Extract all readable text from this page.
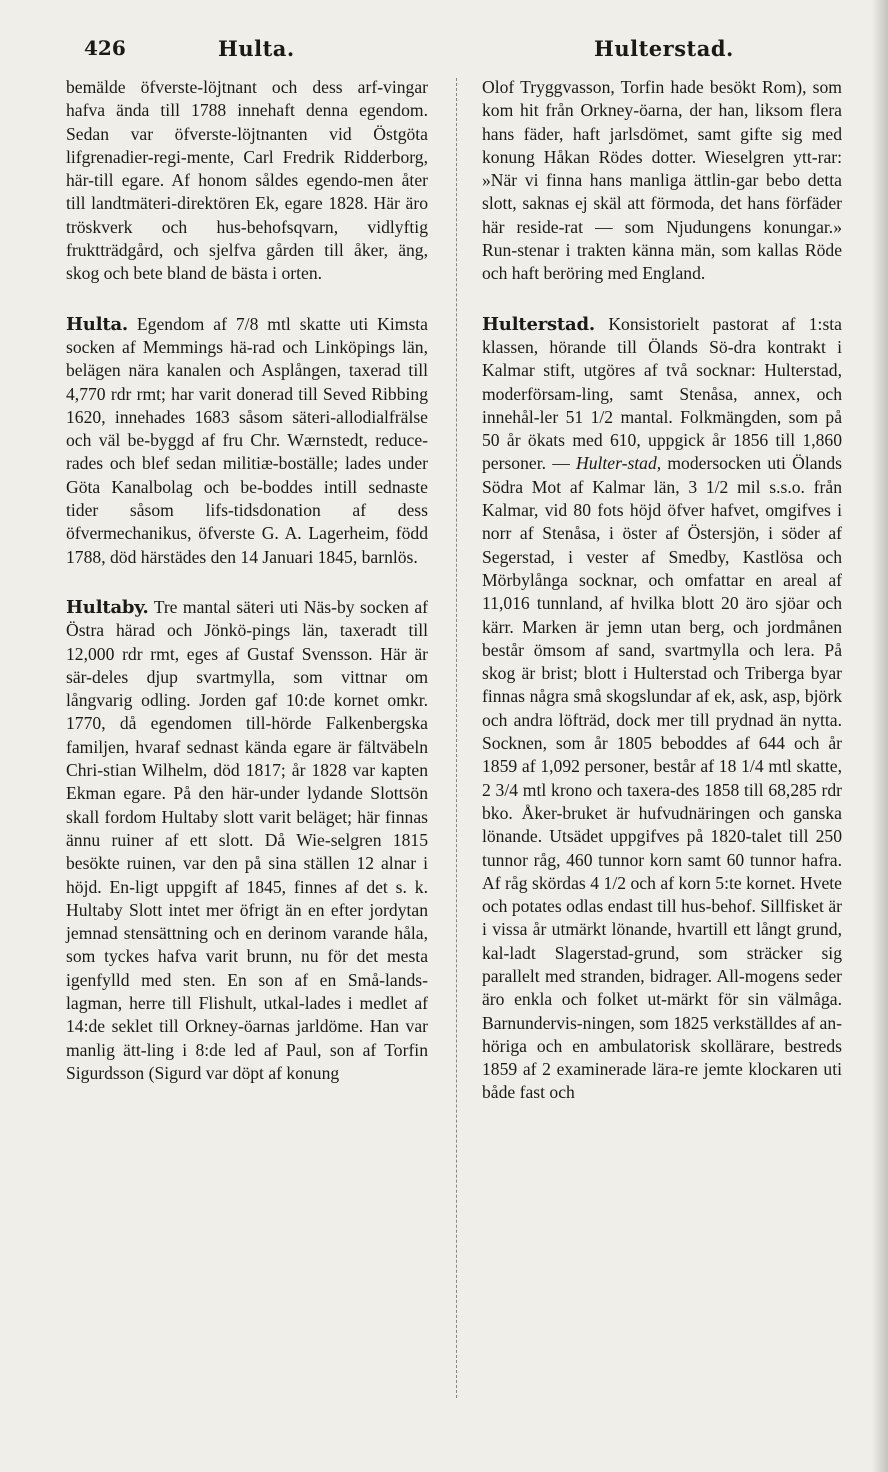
426	Hulta.	Hulterstad.

bemälde öfverste-löjtnant och dess arf-vingar hafva ända till 1788 innehaft denna egendom. Sedan var öfverste-löjtnanten vid Östgöta lifgrenadier-regi-mente, Carl Fredrik Ridderborg, här-till egare. Af honom såldes egendo-men åter till landtmäteri-direktören Ek, egare 1828. Här äro tröskverk och hus-behofsqvarn, vidlyftig fruktträdgård, och sjelfva gården till åker, äng, skog och bete bland de bästa i orten.

Hulta. Egendom af 7/8 mtl skatte uti Kimsta socken af Memmings hä-rad och Linköpings län, belägen nära kanalen och Asplången, taxerad till 4,770 rdr rmt; har varit donerad till Seved Ribbing 1620, innehades 1683 såsom säteri-allodialfrälse och väl be-byggd af fru Chr. Wærnstedt, reduce-rades och blef sedan militiæ-boställe; lades under Göta Kanalbolag och be-boddes intill sednaste tider såsom lifs-tidsdonation af dess öfvermechanikus, öfverste G. A. Lagerheim, född 1788, död härstädes den 14 Januari 1845, barnlös.

Hultaby. Tre mantal säteri uti Näs-by socken af Östra härad och Jönkö-pings län, taxeradt till 12,000 rdr rmt, eges af Gustaf Svensson. Här är sär-deles djup svartmylla, som vittnar om långvarig odling. Jorden gaf 10:de kornet omkr. 1770, då egendomen till-hörde Falkenbergska familjen, hvaraf sednast kända egare är fältväbeln Chri-stian Wilhelm, död 1817; år 1828 var kapten Ekman egare. På den här-under lydande Slottsön skall fordom Hultaby slott varit beläget; här finnas ännu ruiner af ett slott. Då Wie-selgren 1815 besökte ruinen, var den på sina ställen 12 alnar i höjd. En-ligt uppgift af 1845, finnes af det s. k. Hultaby Slott intet mer öfrigt än en efter jordytan jemnad stensättning och en derinom varande håla, som tyckes hafva varit brunn, nu för det mesta igenfylld med sten. En son af en Små-lands-lagman, herre till Flishult, utkal-lades i medlet af 14:de seklet till Orkney-öarnas jarldöme. Han var manlig ätt-ling i 8:de led af Paul, son af Torfin Sigurdsson (Sigurd var döpt af konung

Olof Tryggvasson, Torfin hade besökt Rom), som kom hit från Orkney-öarna, der han, liksom flera hans fäder, haft jarlsdömet, samt gifte sig med konung Håkan Rödes dotter. Wieselgren ytt-rar: »När vi finna hans manliga ättlin-gar bebo detta slott, saknas ej skäl att förmoda, det hans förfäder här reside-rat — som Njudungens konungar.» Run-stenar i trakten känna män, som kallas Röde och haft beröring med England.

Hulterstad. Konsistorielt pastorat af 1:sta klassen, hörande till Ölands Sö-dra kontrakt i Kalmar stift, utgöres af två socknar: Hulterstad, moderförsam-ling, samt Stenåsa, annex, och innehål-ler 51 1/2 mantal. Folkmängden, som på 50 år ökats med 610, uppgick år 1856 till 1,860 personer. — Hulter-stad, modersocken uti Ölands Södra Mot af Kalmar län, 3 1/2 mil s.s.o. från Kalmar, vid 80 fots höjd öfver hafvet, omgifves i norr af Stenåsa, i öster af Östersjön, i söder af Segerstad, i vester af Smedby, Kastlösa och Mörbylånga socknar, och omfattar en areal af 11,016 tunnland, af hvilka blott 20 äro sjöar och kärr. Marken är jemn utan berg, och jordmånen består ömsom af sand, svartmylla och lera. På skog är brist; blott i Hulterstad och Triberga byar finnas några små skogslundar af ek, ask, asp, björk och andra löfträd, dock mer till prydnad än nytta. Socknen, som år 1805 beboddes af 644 och år 1859 af 1,092 personer, består af 18 1/4 mtl skatte, 2 3/4 mtl krono och taxera-des 1858 till 68,285 rdr bko. Åker-bruket är hufvudnäringen och ganska lönande. Utsädet uppgifves på 1820-talet till 250 tunnor råg, 460 tunnor korn samt 60 tunnor hafra. Af råg skördas 4 1/2 och af korn 5:te kornet. Hvete och potates odlas endast till hus-behof. Sillfisket är i vissa år utmärkt lönande, hvartill ett långt grund, kal-ladt Slagerstad-grund, som sträcker sig parallelt med stranden, bidrager. All-mogens seder äro enkla och folket ut-märkt för sin välmåga. Barnundervis-ningen, som 1825 verkställdes af an-höriga och en ambulatorisk skollärare, bestreds 1859 af 2 examinerade lära-re jemte klockaren uti både fast och
